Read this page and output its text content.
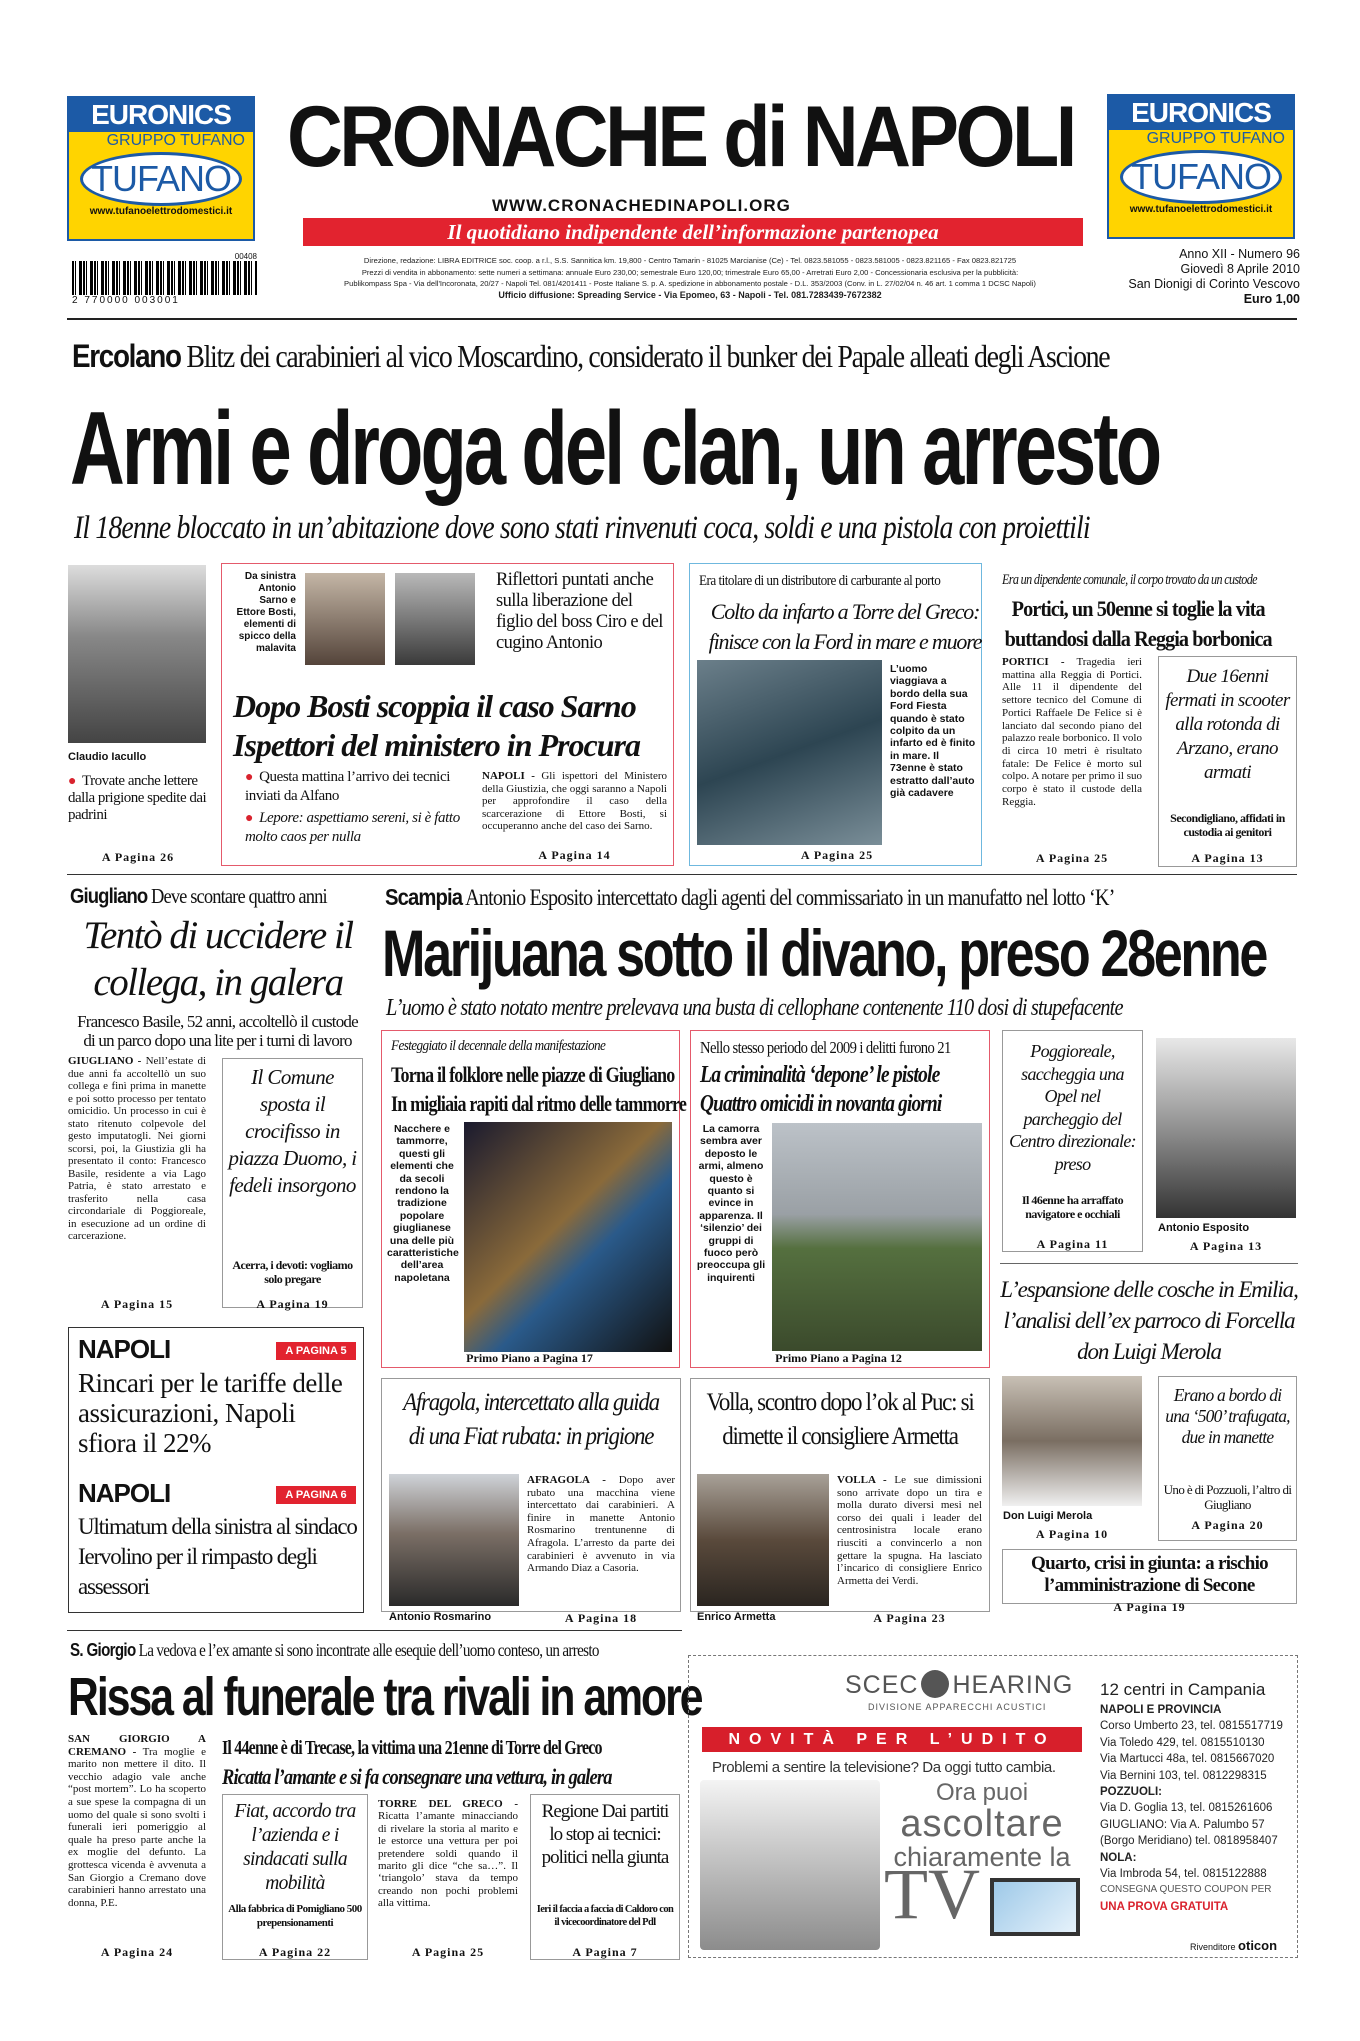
EURONICS
GRUPPO TUFANO
TUFANO
www.tufanoelettrodomestici.it
EURONICS
GRUPPO TUFANO
TUFANO
www.tufanoelettrodomestici.it
CRONACHE di NAPOLI
WWW.CRONACHEDINAPOLI.ORG
Il quotidiano indipendente dell’informazione partenopea
Direzione, redazione: LIBRA EDITRICE soc. coop. a r.l., S.S. Sannitica km. 19,800 - Centro Tamarin - 81025 Marcianise (Ce) - Tel. 0823.581055 - 0823.581005 - 0823.821165 - Fax 0823.821725
Prezzi di vendita in abbonamento: sette numeri a settimana: annuale Euro 230,00; semestrale Euro 120,00; trimestrale Euro 65,00 - Arretrati Euro 2,00 - Concessionaria esclusiva per la pubblicità:
Publikompass Spa - Via dell'Incoronata, 20/27 - Napoli Tel. 081/4201411 - Poste Italiane S. p. A. spedizione in abbonamento postale - D.L. 353/2003 (Conv. in L. 27/02/04 n. 46 art. 1 comma 1 DCSC Napoli)
Ufficio diffusione: Spreading Service - Via Epomeo, 63 - Napoli - Tel. 081.7283439-7672382
00408
2 770000 003001
Anno XII - Numero 96
Giovedì 8 Aprile 2010
San Dionigi di Corinto Vescovo
Euro 1,00
Ercolano Blitz dei carabinieri al vico Moscardino, considerato il bunker dei Papale alleati degli Ascione
Armi e droga del clan, un arresto
Il 18enne bloccato in un’abitazione dove sono stati rinvenuti coca, soldi e una pistola con proiettili
Claudio Iacullo
● Trovate anche lettere dalla prigione spedite dai padrini
A Pagina 26
Da sinistra Antonio Sarno e Ettore Bosti, elementi di spicco della malavita
Riflettori puntati anche sulla liberazione del figlio del boss Ciro e del cugino Antonio
Dopo Bosti scoppia il caso Sarno
Ispettori del ministero in Procura
● Questa mattina l’arrivo dei tecnici inviati da Alfano
● Lepore: aspettiamo sereni, si è fatto molto caos per nulla
NAPOLI - Gli ispettori del Ministero della Giustizia, che oggi saranno a Napoli per approfondire il caso della scarcerazione di Ettore Bosti, si occuperanno anche del caso dei Sarno.
A Pagina 14
Era titolare di un distributore di carburante al porto
Colto da infarto a Torre del Greco: finisce con la Ford in mare e muore
L’uomo viaggiava a bordo della sua Ford Fiesta quando è stato colpito da un infarto ed è finito in mare. Il 73enne è stato estratto dall’auto già cadavere
A Pagina 25
Era un dipendente comunale, il corpo trovato da un custode
Portici, un 50enne si toglie la vita buttandosi dalla Reggia borbonica
PORTICI - Tragedia ieri mattina alla Reggia di Portici. Alle 11 il dipendente del settore tecnico del Comune di Portici Raffaele De Felice si è lanciato dal secondo piano del palazzo reale borbonico. Il volo di circa 10 metri è risultato fatale: De Felice è morto sul colpo. A notare per primo il suo corpo è stato il custode della Reggia.
A Pagina 25
Due 16enni fermati in scooter alla rotonda di Arzano, erano armati
Secondigliano, affidati in custodia ai genitori
A Pagina 13
Giugliano Deve scontare quattro anni
Tentò di uccidere il collega, in galera
Francesco Basile, 52 anni, accoltellò il custode di un parco dopo una lite per i turni di lavoro
GIUGLIANO - Nell’estate di due anni fa accoltellò un suo collega e finì prima in manette e poi sotto processo per tentato omicidio. Un processo in cui è stato ritenuto colpevole del gesto imputatogli. Nei giorni scorsi, poi, la Giustizia gli ha presentato il conto: Francesco Basile, residente a via Lago Patria, è stato arrestato e trasferito nella casa circondariale di Poggioreale, in esecuzione ad un ordine di carcerazione.
A Pagina 15
Il Comune sposta il crocifisso in piazza Duomo, i fedeli insorgono
Acerra, i devoti: vogliamo solo pregare
A Pagina 19
NAPOLI	A PAGINA 5
Rincari per le tariffe delle assicurazioni, Napoli sfiora il 22%
NAPOLI	A PAGINA 6
Ultimatum della sinistra al sindaco Iervolino per il rimpasto degli assessori
Scampia Antonio Esposito intercettato dagli agenti del commissariato in un manufatto nel lotto ‘K’
Marijuana sotto il divano, preso 28enne
L’uomo è stato notato mentre prelevava una busta di cellophane contenente 110 dosi di stupefacente
Festeggiato il decennale della manifestazione
Torna il folklore nelle piazze di Giugliano
In migliaia rapiti dal ritmo delle tammorre
Nacchere e tammorre, questi gli elementi che da secoli rendono la tradizione popolare giuglianese una delle più caratteristiche dell’area napoletana
Primo Piano a Pagina 17
Nello stesso periodo del 2009 i delitti furono 21
La criminalità ‘depone’ le pistole
Quattro omicidi in novanta giorni
La camorra sembra aver deposto le armi, almeno questo è quanto si evince in apparenza. Il ‘silenzio’ dei gruppi di fuoco però preoccupa gli inquirenti
Primo Piano a Pagina 12
Poggioreale, saccheggia una Opel nel parcheggio del Centro direzionale: preso
Il 46enne ha arraffato navigatore e occhiali
A Pagina 11
Antonio Esposito
A Pagina 13
L’espansione delle cosche in Emilia, l’analisi dell’ex parroco di Forcella don Luigi Merola
Don Luigi Merola
A Pagina 10
Erano a bordo di una ‘500’ trafugata, due in manette
Uno è di Pozzuoli, l’altro di Giugliano
A Pagina 20
Quarto, crisi in giunta: a rischio l’amministrazione di Secone
A Pagina 19
Afragola, intercettato alla guida di una Fiat rubata: in prigione
Antonio Rosmarino
AFRAGOLA - Dopo aver rubato una macchina viene intercettato dai carabinieri. A finire in manette Antonio Rosmarino trentunenne di Afragola. L’arresto da parte dei carabinieri è avvenuto in via Armando Diaz a Casoria.
A Pagina 18
Volla, scontro dopo l’ok al Puc: si dimette il consigliere Armetta
Enrico Armetta
VOLLA - Le sue dimissioni sono arrivate dopo un tira e molla durato diversi mesi nel corso dei quali i leader del centrosinistra locale erano riusciti a convincerlo a non gettare la spugna. Ha lasciato l’incarico di consigliere Enrico Armetta dei Verdi.
A Pagina 23
S. Giorgio La vedova e l’ex amante si sono incontrate alle esequie dell’uomo conteso, un arresto
Rissa al funerale tra rivali in amore
SAN GIORGIO A CREMANO - Tra moglie e marito non mettere il dito. Il vecchio adagio vale anche “post mortem”. Lo ha scoperto a sue spese la compagna di un uomo del quale si sono svolti i funerali ieri pomeriggio al quale ha preso parte anche la ex moglie del defunto. La grottesca vicenda è avvenuta a San Giorgio a Cremano dove carabinieri hanno arrestato una donna, P.E.
A Pagina 24
Il 44enne è di Trecase, la vittima una 21enne di Torre del Greco
Ricatta l’amante e si fa consegnare una vettura, in galera
Fiat, accordo tra l’azienda e i sindacati sulla mobilità
Alla fabbrica di Pomigliano 500 prepensionamenti
A Pagina 22
TORRE DEL GRECO - Ricatta l’amante minacciando di rivelare la storia al marito e le estorce una vettura per poi pretendere soldi quando il marito gli dice “che sa…”. Il ‘triangolo’ stava da tempo creando non pochi problemi alla vittima.
A Pagina 25
Regione Dai partiti lo stop ai tecnici: politici nella giunta
Ieri il faccia a faccia di Caldoro con il vicecoordinatore del Pdl
A Pagina 7
SCEC HEARING
DIVISIONE APPARECCHI ACUSTICI
NOVITÀ PER L’UDITO
Problemi a sentire la televisione? Da oggi tutto cambia.
Ora puoi
ascoltare
chiaramente la
TV
12 centri in Campania
NAPOLI E PROVINCIA
Corso Umberto 23, tel. 0815517719
Via Toledo 429, tel. 0815510130
Via Martucci 48a, tel. 0815667020
Via Bernini 103, tel. 0812298315
POZZUOLI:
Via D. Goglia 13, tel. 0815261606
GIUGLIANO: Via A. Palumbo 57
(Borgo Meridiano) tel. 0818958407
NOLA:
Via Imbroda 54, tel. 0815122888
CONSEGNA QUESTO COUPON PER
UNA PROVA GRATUITA
Rivenditore oticon
